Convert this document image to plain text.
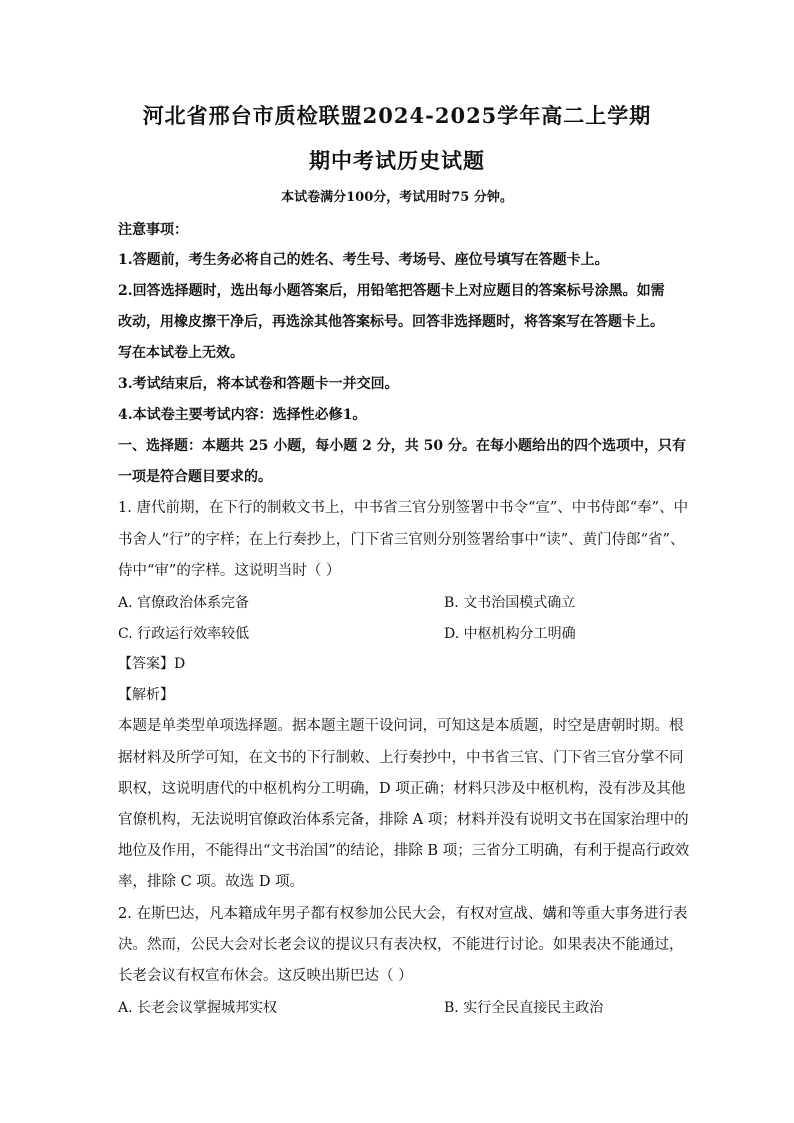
河北省邢台市质检联盟2024-2025学年高二上学期
期中考试历史试题
本试卷满分100分，考试用时75 分钟。
注意事项：
1.答题前，考生务必将自己的姓名、考生号、考场号、座位号填写在答题卡上。
2.回答选择题时，选出每小题答案后，用铅笔把答题卡上对应题目的答案标号涂黑。如需
改动，用橡皮擦干净后，再选涂其他答案标号。回答非选择题时，将答案写在答题卡上。
写在本试卷上无效。
3.考试结束后，将本试卷和答题卡一并交回。
4.本试卷主要考试内容：选择性必修1。
一、选择题：本题共 25 小题，每小题 2 分，共 50 分。在每小题给出的四个选项中，只有
一项是符合题目要求的。
1. 唐代前期，在下行的制敕文书上，中书省三官分别签署中书令“宣”、中书侍郎“奉”、中
书舍人“行”的字样；在上行奏抄上，门下省三官则分别签署给事中“读”、黄门侍郎“省”、
侍中“审”的字样。这说明当时（ ）
A. 官僚政治体系完备	B. 文书治国模式确立
C. 行政运行效率较低	D. 中枢机构分工明确
【答案】D
【解析】
本题是单类型单项选择题。据本题主题干设问词，可知这是本质题，时空是唐朝时期。根
据材料及所学可知，在文书的下行制敕、上行奏抄中，中书省三官、门下省三官分掌不同
职权，这说明唐代的中枢机构分工明确，D 项正确；材料只涉及中枢机构，没有涉及其他
官僚机构，无法说明官僚政治体系完备，排除 A 项；材料并没有说明文书在国家治理中的
地位及作用，不能得出“文书治国”的结论，排除 B 项；三省分工明确，有利于提高行政效
率，排除 C 项。故选 D 项。
2. 在斯巴达，凡本籍成年男子都有权参加公民大会，有权对宣战、媾和等重大事务进行表
决。然而，公民大会对长老会议的提议只有表决权，不能进行讨论。如果表决不能通过，
长老会议有权宣布休会。这反映出斯巴达（ ）
A. 长老会议掌握城邦实权	B. 实行全民直接民主政治
